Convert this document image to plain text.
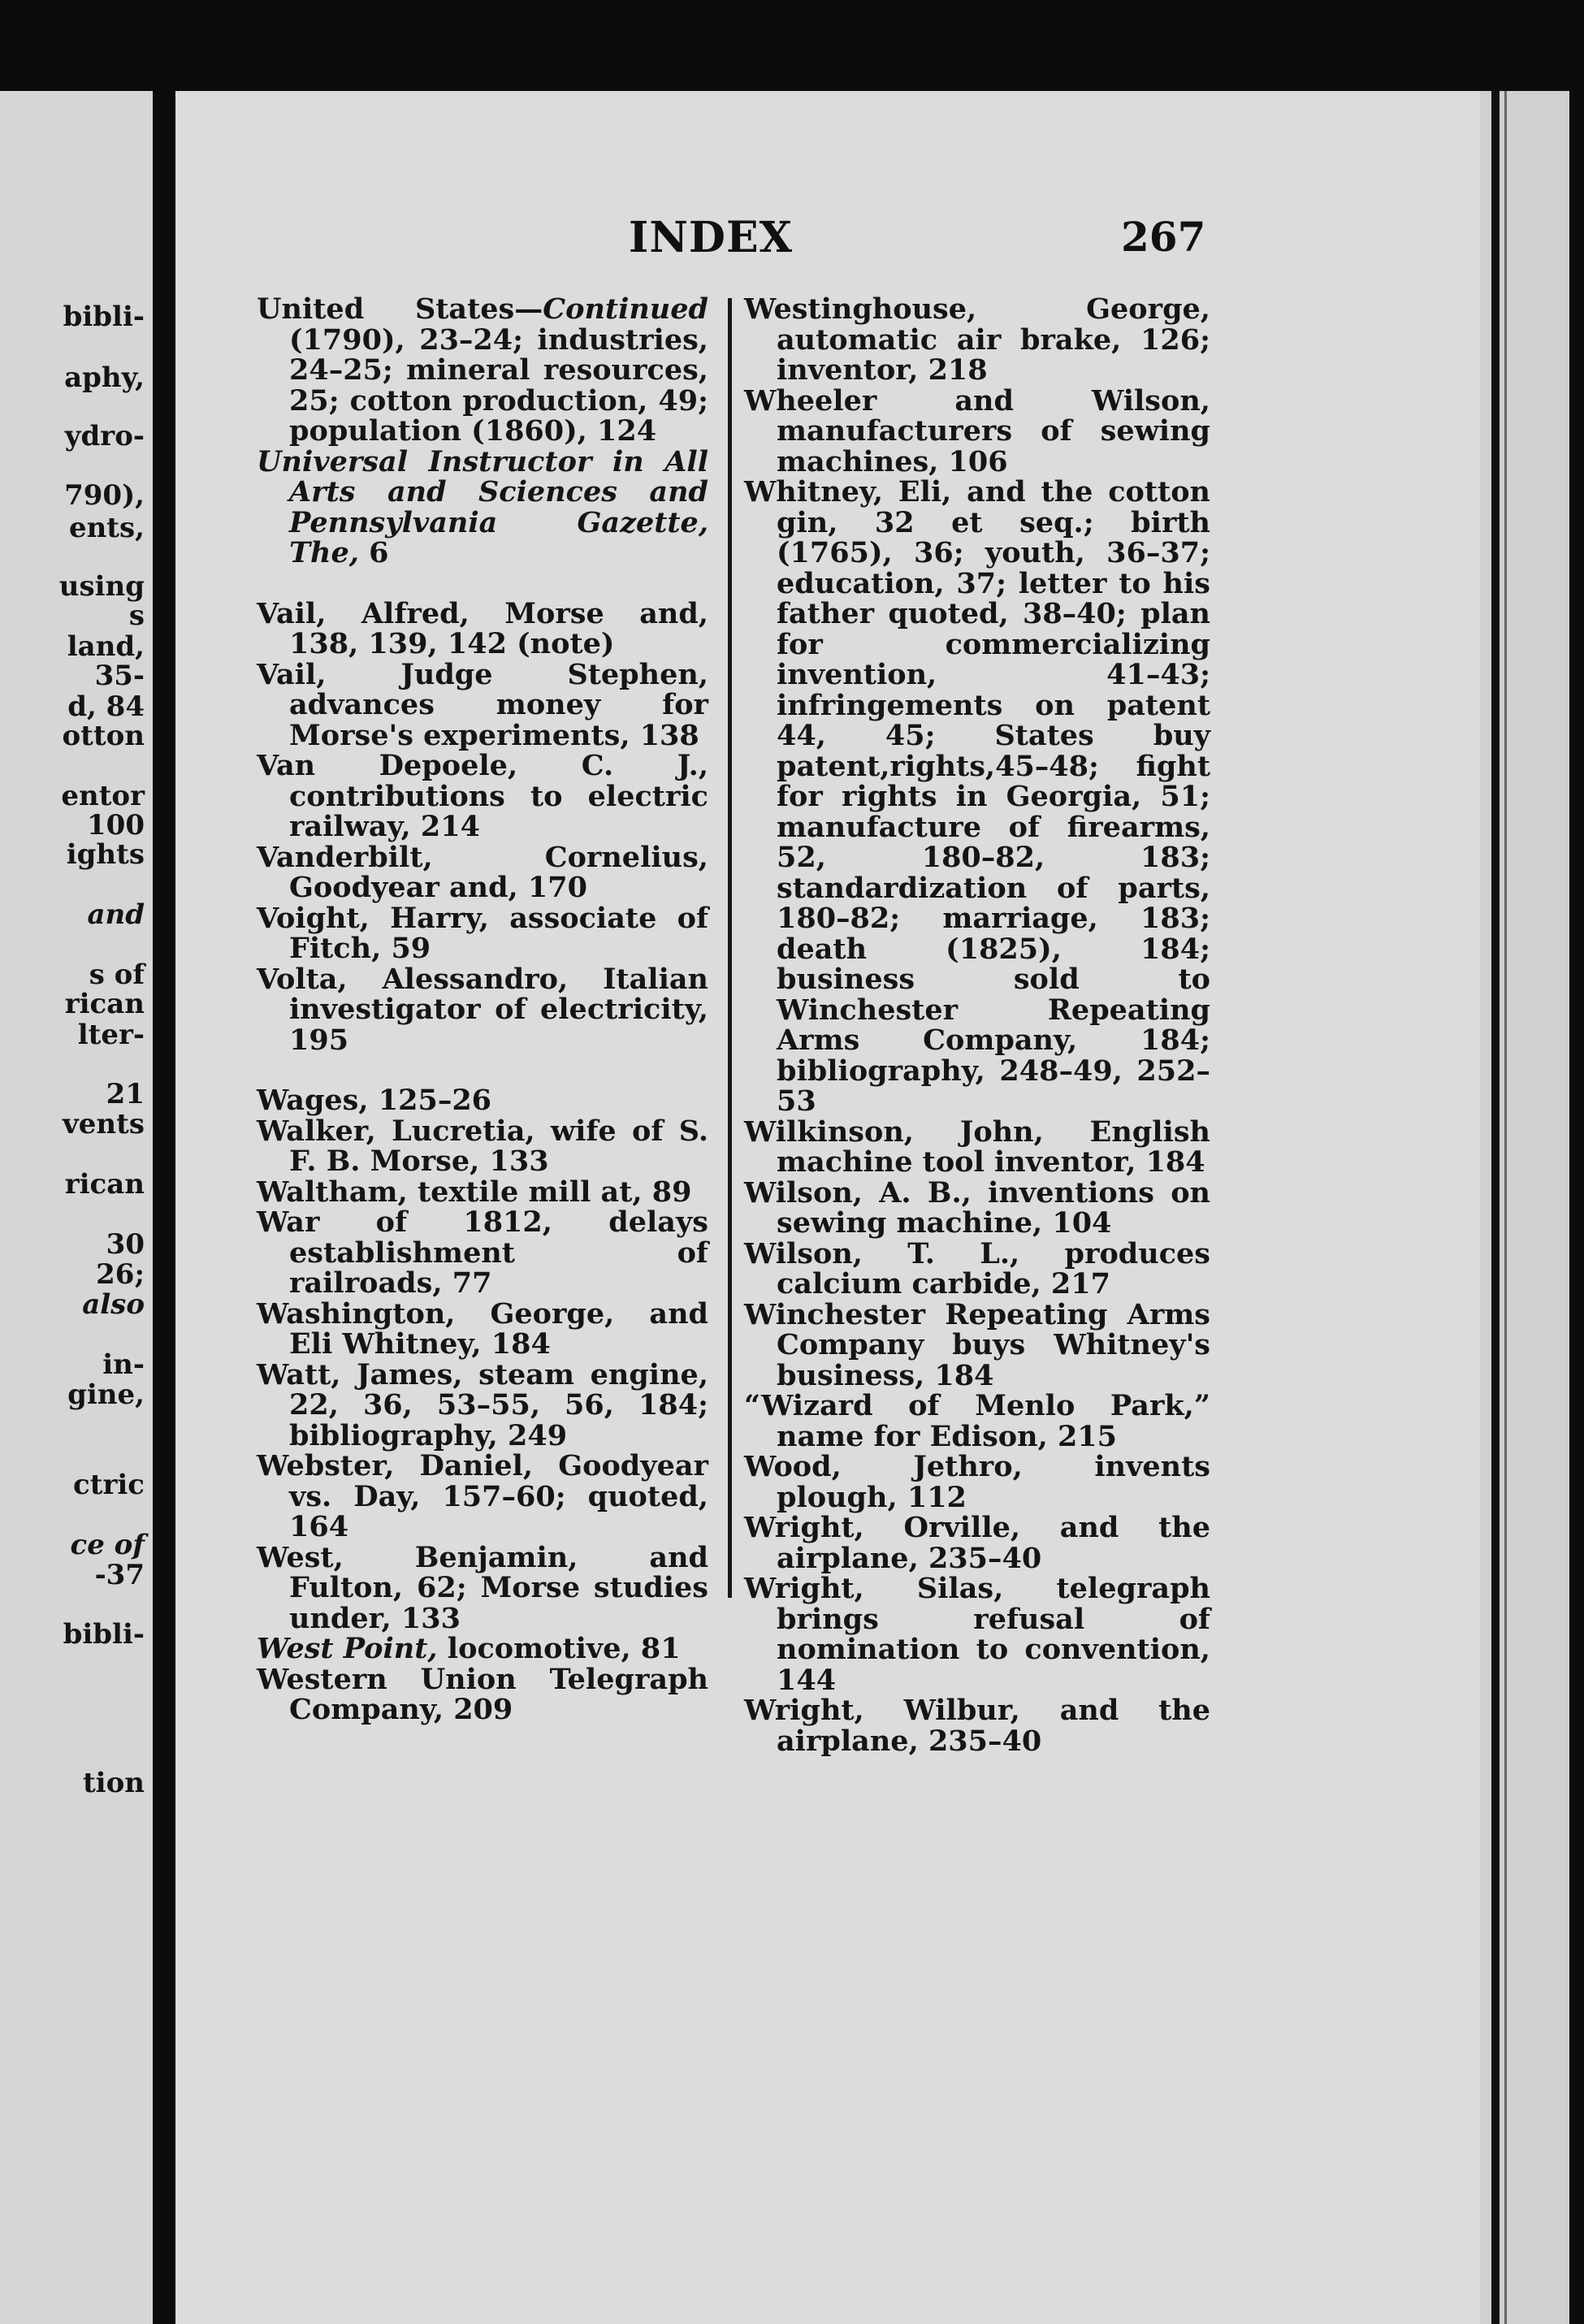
bibli-
aphy,
ydro-
790),
ents,
using
s
land,
35-
d, 84
otton
entor
100
ights
and
s of
rican
lter-
21
vents
rican
30
26;
also
in-
gine,
ctric
ce of
-37
bibli-
tion
INDEX	267

United States—Continued (1790), 23–24; industries, 24–25; mineral resources, 25; cotton production, 49; population (1860), 124

Universal Instructor in All Arts and Sciences and Pennsylvania Gazette, The, 6

Vail, Alfred, Morse and, 138, 139, 142 (note)

Vail, Judge Stephen, advances money for Morse's experiments, 138

Van Depoele, C. J., contributions to electric railway, 214

Vanderbilt, Cornelius, Goodyear and, 170

Voight, Harry, associate of Fitch, 59

Volta, Alessandro, Italian investigator of electricity, 195

Wages, 125–26

Walker, Lucretia, wife of S. F. B. Morse, 133

Waltham, textile mill at, 89

War of 1812, delays establishment of railroads, 77

Washington, George, and Eli Whitney, 184

Watt, James, steam engine, 22, 36, 53–55, 56, 184; bibliography, 249

Webster, Daniel, Goodyear vs. Day, 157–60; quoted, 164

West, Benjamin,	and Fulton, 62; Morse studies under, 133

West Point, locomotive, 81

Western Union Telegraph Company, 209

Westinghouse, George, automatic air brake, 126; inventor, 218

Wheeler and Wilson, manufacturers of sewing machines, 106

Whitney, Eli, and the cotton gin, 32 et seq.; birth (1765), 36; youth, 36–37; education, 37; letter to his father quoted, 38–40; plan for commercializing invention, 41–43; infringements on patent 44, 45; States buy patent,rights,45–48; fight for rights in Georgia, 51; manufacture of firearms, 52, 180–82, 183; standardization of parts, 180–82; marriage, 183; death (1825), 184; business sold to Winchester Repeating Arms Company, 184; bibliography, 248–49, 252–53

Wilkinson, John, English machine tool inventor, 184

Wilson, A. B., inventions on sewing machine, 104

Wilson, T. L., produces calcium carbide, 217

Winchester Repeating Arms Company buys Whitney's business, 184

“Wizard of Menlo Park,” name for Edison, 215

Wood, Jethro,	invents plough, 112

Wright, Orville, and the airplane, 235–40

Wright, Silas, telegraph brings refusal of nomination to convention, 144

Wright, Wilbur, and the airplane, 235–40
